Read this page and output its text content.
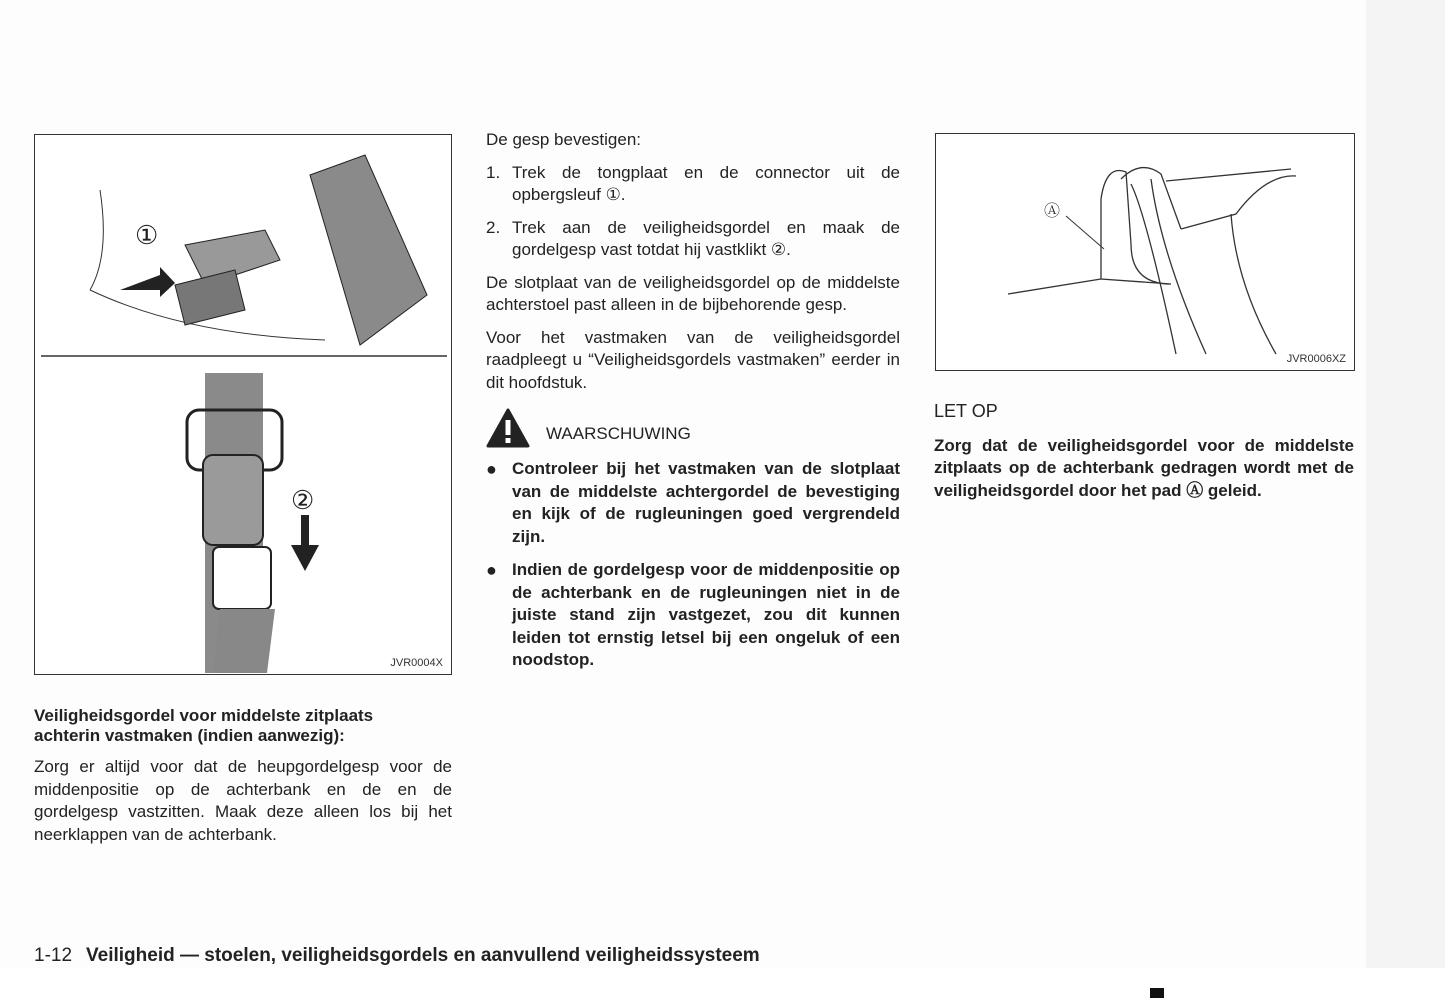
①
②
JVR0004X
Ⓐ
JVR0006XZ

Veiligheidsgordel voor middelste zitplaats achterin vastmaken (indien aanwezig):

Zorg er altijd voor dat de heupgordelgesp voor de middenpositie op de achterbank en de en de gordelgesp vastzitten. Maak deze alleen los bij het neerklappen van de achterbank.

De gesp bevestigen:

1. Trek de tongplaat en de connector uit de opbergsleuf ①.
2. Trek aan de veiligheidsgordel en maak de gordelgesp vast totdat hij vastklikt ②.

De slotplaat van de veiligheidsgordel op de middelste achterstoel past alleen in de bijbehorende gesp.

Voor het vastmaken van de veiligheidsgordel raadpleegt u “Veiligheidsgordels vastmaken” eerder in dit hoofdstuk.

WAARSCHUWING
● Controleer bij het vastmaken van de slotplaat van de middelste achtergordel de bevestiging en kijk of de rugleuningen goed vergrendeld zijn.
● Indien de gordelgesp voor de middenpositie op de achterbank en de rugleuningen niet in de juiste stand zijn vastgezet, zou dit kunnen leiden tot ernstig letsel bij een ongeluk of een noodstop.

LET OP

Zorg dat de veiligheidsgordel voor de middelste zitplaats op de achterbank gedragen wordt met de veiligheidsgordel door het pad Ⓐ geleid.

1-12 Veiligheid — stoelen, veiligheidsgordels en aanvullend veiligheidssysteem
